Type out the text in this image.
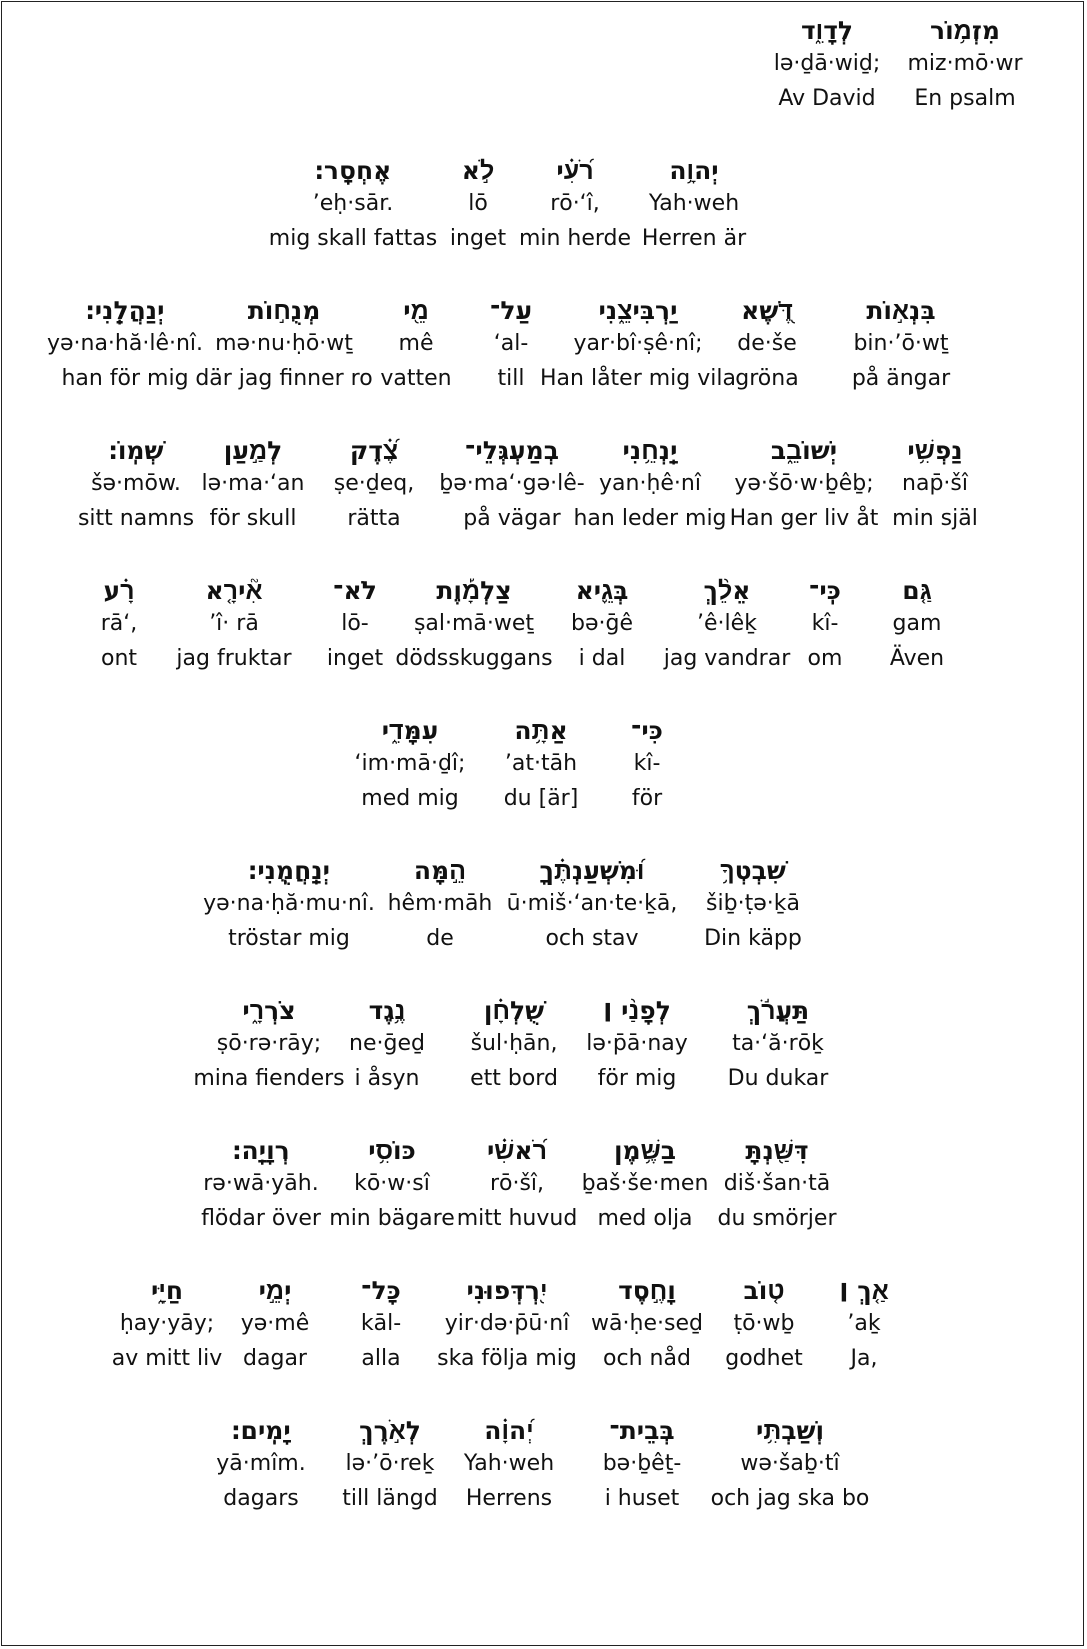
מִזְמ֥וֹר
miz·mō·wr
En psalm
לְדָוִ֑ד
lə·ḏā·wiḏ;
Av David
יְהוָ֥ה
Yah·weh
Herren är
רֹ֝עִ֗י
rō·‘î,
min herde
לֹ֣א
lō
inget
אֶחְסָֽר׃
’eḥ·sār.
mig skall fattas
בִּנְא֣וֹת
bin·’ō·wṯ
på ängar
דֶּ֭שֶׁא
de·še
gröna
יַרְבִּיצֵ֑נִי
yar·bî·ṣê·nî;
Han låter mig vila
עַל־
‘al-
till
מֵ֖י
mê
vatten
מְנֻח֣וֹת
mə·nu·ḥō·wṯ
där jag finner ro
יְנַהֲלֵֽנִי׃
yə·na·hă·lê·nî.
han för mig
נַפְשִׁ֥י
nap̄·šî
min själ
יְשׁוֹבֵ֑ב
yə·šō·w·ḇêḇ;
Han ger liv åt
יַֽנְחֵ֥נִי
yan·ḥê·nî
han leder mig
בְמַעְגְּלֵי־
ḇə·ma‘·gə·lê-
på vägar
צֶ֝֗דֶק
ṣe·ḏeq,
rätta
לְמַ֣עַן
lə·ma·‘an
för skull
שְׁמֽוֹ׃
šə·mōw.
sitt namns
גַּ֤ם
gam
Även
כִּֽי־
kî-
om
אֵלֵ֨ךְ
’ê·lêḵ
jag vandrar
בְּגֵ֪יא
bə·ḡê
i dal
צַלְמָ֡וֶת
ṣal·mā·weṯ
dödsskuggans
לֹא־
lō-
inget
אִ֘ירָ֤א
’î· rā
jag fruktar
רָ֗ע
rā‘,
ont
כִּי־
kî-
för
אַתָּ֥ה
’at·tāh
du [är]
עִמָּדִ֑י
‘im·mā·ḏî;
med mig
שִׁבְטְךָ֥
šiḇ·ṭə·ḵā
Din käpp
וּ֝מִשְׁעַנְתֶּ֗ךָ
ū·miš·‘an·te·ḵā,
och stav
הֵ֣מָּה
hêm·māh
de
יְנַֽחֲמֻֽנִי׃
yə·na·ḥă·mu·nî.
tröstar mig
תַּעֲרֹ֬ךְ
ta·‘ă·rōḵ
Du dukar
לְפָנַ֨י ׀
lə·p̄ā·nay
för mig
שֻׁלְחָ֗ן
šul·ḥān,
ett bord
נֶ֥גֶד
ne·ḡeḏ
i åsyn
צֹרְרָ֑י
ṣō·rə·rāy;
mina fienders
דִּשַּׁ֖נְתָּ
diš·šan·tā
du smörjer
בַשֶּׁ֥מֶן
ḇaš·še·men
med olja
רֹ֝אשִׁ֗י
rō·šî,
mitt huvud
כּוֹסִ֥י
kō·w·sî
min bägare
רְוָיָֽה׃
rə·wā·yāh.
flödar över
אַ֤ךְ ׀
’aḵ
Ja,
ט֤וֹב
ṭō·wḇ
godhet
וָחֶ֣סֶד
wā·ḥe·seḏ
och nåd
יִ֭רְדְּפוּנִי
yir·də·p̄ū·nî
ska följa mig
כָּל־
kāl-
alla
יְמֵ֣י
yə·mê
dagar
חַיָּ֑י
ḥay·yāy;
av mitt liv
וְשַׁבְתִּ֥י
wə·šaḇ·tî
och jag ska bo
בְּבֵית־
bə·ḇêṯ-
i huset
יְ֝הוָ֗ה
Yah·weh
Herrens
לְאֹ֣רֶךְ
lə·’ō·reḵ
till längd
יָמִֽים׃
yā·mîm.
dagars
